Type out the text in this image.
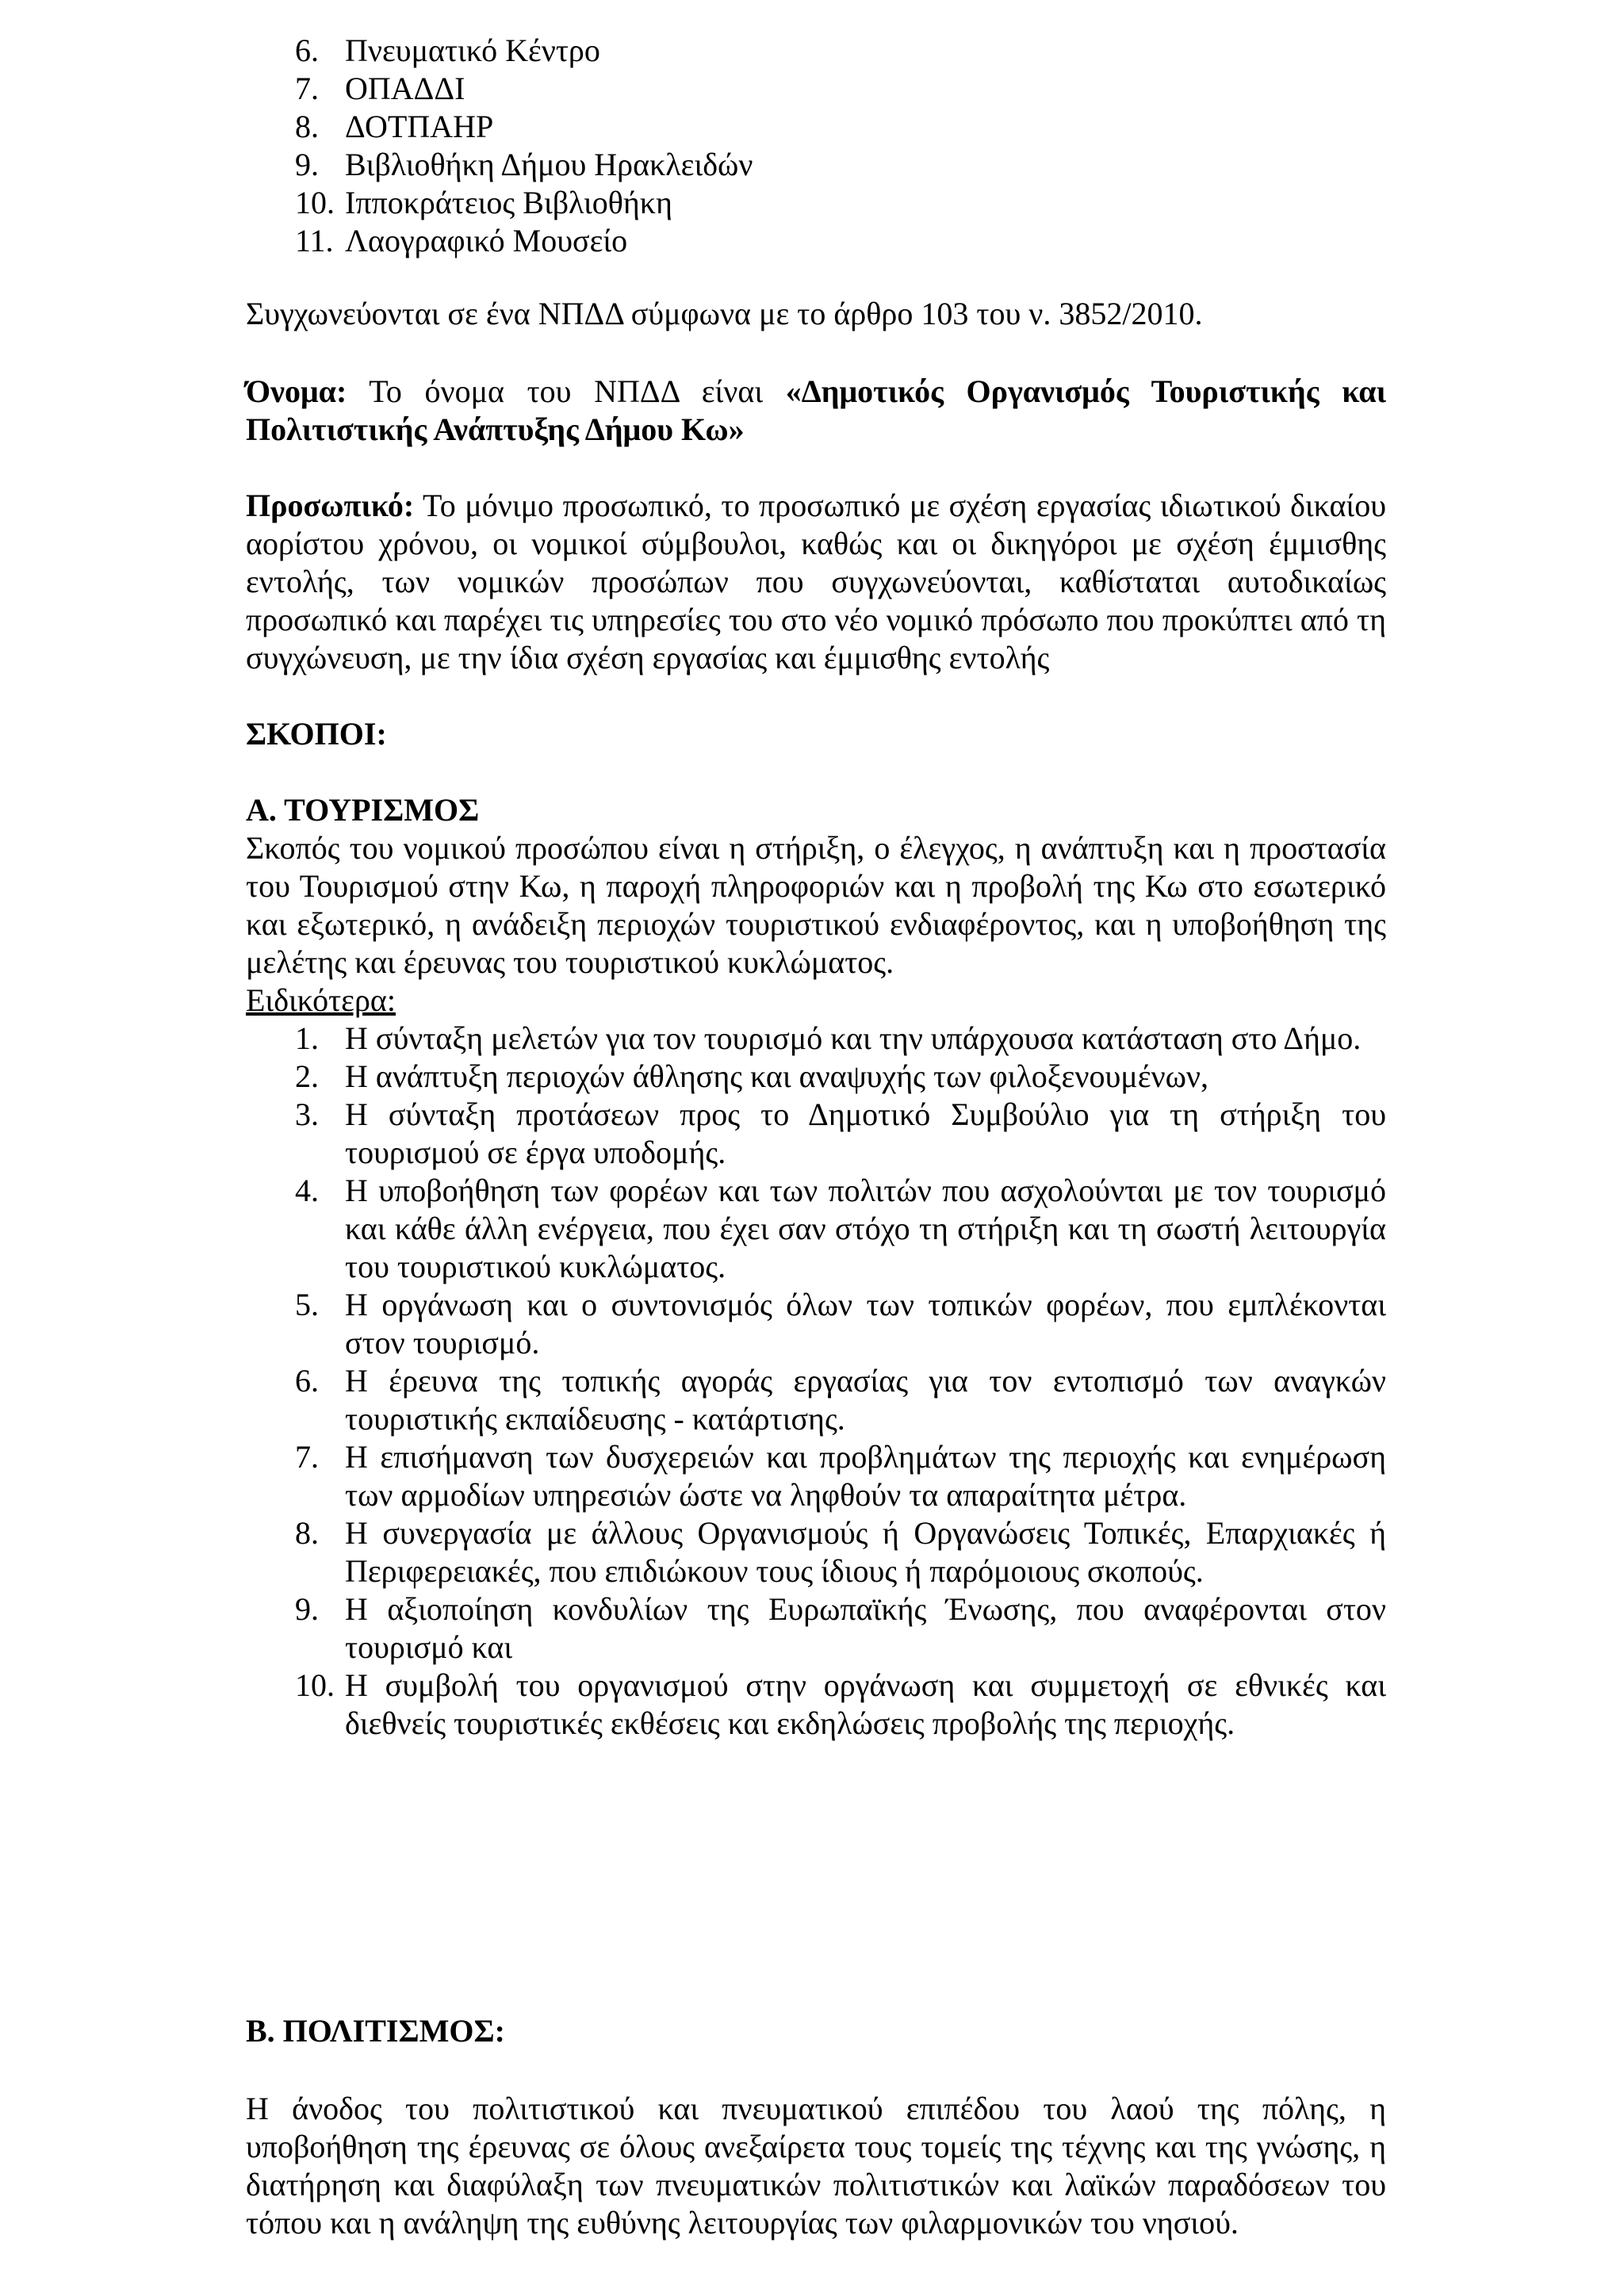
6. Πνευματικό Κέντρο
7. ΟΠΑΔΔΙ
8. ΔΟΤΠΑΗΡ
9. Βιβλιοθήκη Δήμου Ηρακλειδών
10. Ιπποκράτειος Βιβλιοθήκη
11. Λαογραφικό Μουσείο

Συγχωνεύονται σε ένα ΝΠΔΔ σύμφωνα με το άρθρο 103 του ν. 3852/2010.

Όνομα: Το όνομα του ΝΠΔΔ είναι «Δημοτικός Οργανισμός Τουριστικής και Πολιτιστικής Ανάπτυξης Δήμου Κω»

Προσωπικό: Το μόνιμο προσωπικό, το προσωπικό με σχέση εργασίας ιδιωτικού δικαίου αορίστου χρόνου, οι νομικοί σύμβουλοι, καθώς και οι δικηγόροι με σχέση έμμισθης εντολής, των νομικών προσώπων που συγχωνεύονται, καθίσταται αυτοδικαίως προσωπικό και παρέχει τις υπηρεσίες του στο νέο νομικό πρόσωπο που προκύπτει από τη συγχώνευση, με την ίδια σχέση εργασίας και έμμισθης εντολής

ΣΚΟΠΟΙ:

Α. ΤΟΥΡΙΣΜΟΣ

Σκοπός του νομικού προσώπου είναι η στήριξη, ο έλεγχος, η ανάπτυξη και η προστασία του Τουρισμού στην Κω, η παροχή πληροφοριών και η προβολή της Κω στο εσωτερικό και εξωτερικό, η ανάδειξη περιοχών τουριστικού ενδιαφέροντος, και η υποβοήθηση της μελέτης και έρευνας του τουριστικού κυκλώματος.

Ειδικότερα:

1. Η σύνταξη μελετών για τον τουρισμό και την υπάρχουσα κατάσταση στο Δήμο.
2. Η ανάπτυξη περιοχών άθλησης και αναψυχής των φιλοξενουμένων,
3. Η σύνταξη προτάσεων προς το Δημοτικό Συμβούλιο για τη στήριξη του τουρισμού σε έργα υποδομής.
4. Η υποβοήθηση των φορέων και των πολιτών που ασχολούνται με τον τουρισμό και κάθε άλλη ενέργεια, που έχει σαν στόχο τη στήριξη και τη σωστή λειτουργία του τουριστικού κυκλώματος.
5. Η οργάνωση και ο συντονισμός όλων των τοπικών φορέων, που εμπλέκονται στον τουρισμό.
6. Η έρευνα της τοπικής αγοράς εργασίας για τον εντοπισμό των αναγκών τουριστικής εκπαίδευσης - κατάρτισης.
7. Η επισήμανση των δυσχερειών και προβλημάτων της περιοχής και ενημέρωση των αρμοδίων υπηρεσιών ώστε να ληφθούν τα απαραίτητα μέτρα.
8. Η συνεργασία με άλλους Οργανισμούς ή Οργανώσεις Τοπικές, Επαρχιακές ή Περιφερειακές, που επιδιώκουν τους ίδιους ή παρόμοιους σκοπούς.
9. Η αξιοποίηση κονδυλίων της Ευρωπαϊκής Ένωσης, που αναφέρονται στον τουρισμό και
10. Η συμβολή του οργανισμού στην οργάνωση και συμμετοχή σε εθνικές και διεθνείς τουριστικές εκθέσεις και εκδηλώσεις προβολής της περιοχής.

Β. ΠΟΛΙΤΙΣΜΟΣ:

Η άνοδος του πολιτιστικού και πνευματικού επιπέδου του λαού της πόλης, η υποβοήθηση της έρευνας σε όλους ανεξαίρετα τους τομείς της τέχνης και της γνώσης, η διατήρηση και διαφύλαξη των πνευματικών πολιτιστικών και λαϊκών παραδόσεων του τόπου και η ανάληψη της ευθύνης λειτουργίας των φιλαρμονικών του νησιού.
